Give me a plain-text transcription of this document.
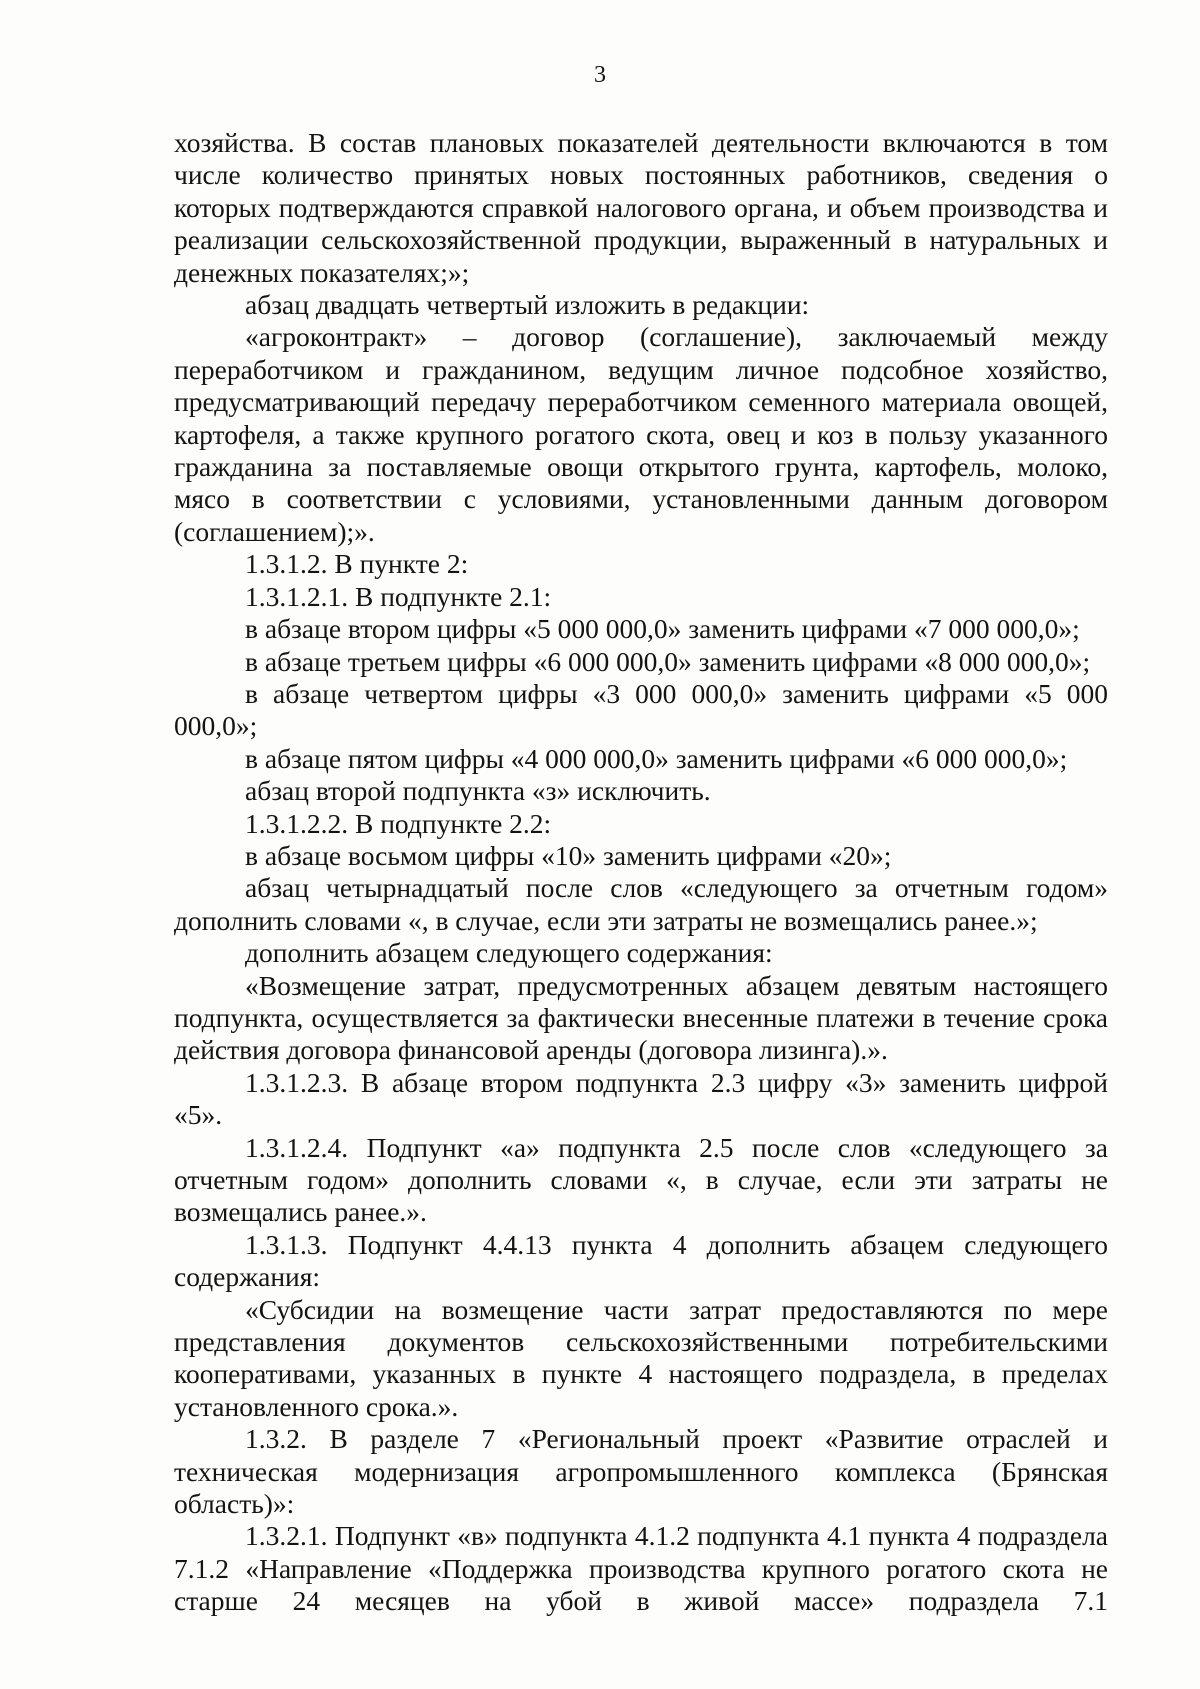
3

хозяйства. В состав плановых показателей деятельности включаются в том числе количество принятых новых постоянных работников, сведения о которых подтверждаются справкой налогового органа, и объем производства и реализации сельскохозяйственной продукции, выраженный в натуральных и денежных показателях;»;

абзац двадцать четвертый изложить в редакции:

«агроконтракт» – договор (соглашение), заключаемый между переработчиком и гражданином, ведущим личное подсобное хозяйство, предусматривающий передачу переработчиком семенного материала овощей, картофеля, а также крупного рогатого скота, овец и коз в пользу указанного гражданина за поставляемые овощи открытого грунта, картофель, молоко, мясо в соответствии с условиями, установленными данным договором (соглашением);».

1.3.1.2. В пункте 2:

1.3.1.2.1. В подпункте 2.1:

в абзаце втором цифры «5 000 000,0» заменить цифрами «7 000 000,0»;

в абзаце третьем цифры «6 000 000,0» заменить цифрами «8 000 000,0»;

в абзаце четвертом цифры «3 000 000,0» заменить цифрами «5 000 000,0»;

в абзаце пятом цифры «4 000 000,0» заменить цифрами «6 000 000,0»;

абзац второй подпункта «з» исключить.

1.3.1.2.2. В подпункте 2.2:

в абзаце восьмом цифры «10» заменить цифрами «20»;

абзац четырнадцатый после слов «следующего за отчетным годом» дополнить словами «, в случае, если эти затраты не возмещались ранее.»;

дополнить абзацем следующего содержания:

«Возмещение затрат, предусмотренных абзацем девятым настоящего подпункта, осуществляется за фактически внесенные платежи в течение срока действия договора финансовой аренды (договора лизинга).».

1.3.1.2.3. В абзаце втором подпункта 2.3 цифру «3» заменить цифрой «5».

1.3.1.2.4. Подпункт «а» подпункта 2.5 после слов «следующего за отчетным годом» дополнить словами «, в случае, если эти затраты не возмещались ранее.».

1.3.1.3. Подпункт 4.4.13 пункта 4 дополнить абзацем следующего содержания:

«Субсидии на возмещение части затрат предоставляются по мере представления документов сельскохозяйственными потребительскими кооперативами, указанных в пункте 4 настоящего подраздела, в пределах установленного срока.».

1.3.2. В разделе 7 «Региональный проект «Развитие отраслей и техническая модернизация агропромышленного комплекса (Брянская область)»:

1.3.2.1. Подпункт «в» подпункта 4.1.2 подпункта 4.1 пункта 4 подраздела 7.1.2 «Направление «Поддержка производства крупного рогатого скота не старше 24 месяцев на убой в живой массе» подраздела 7.1
